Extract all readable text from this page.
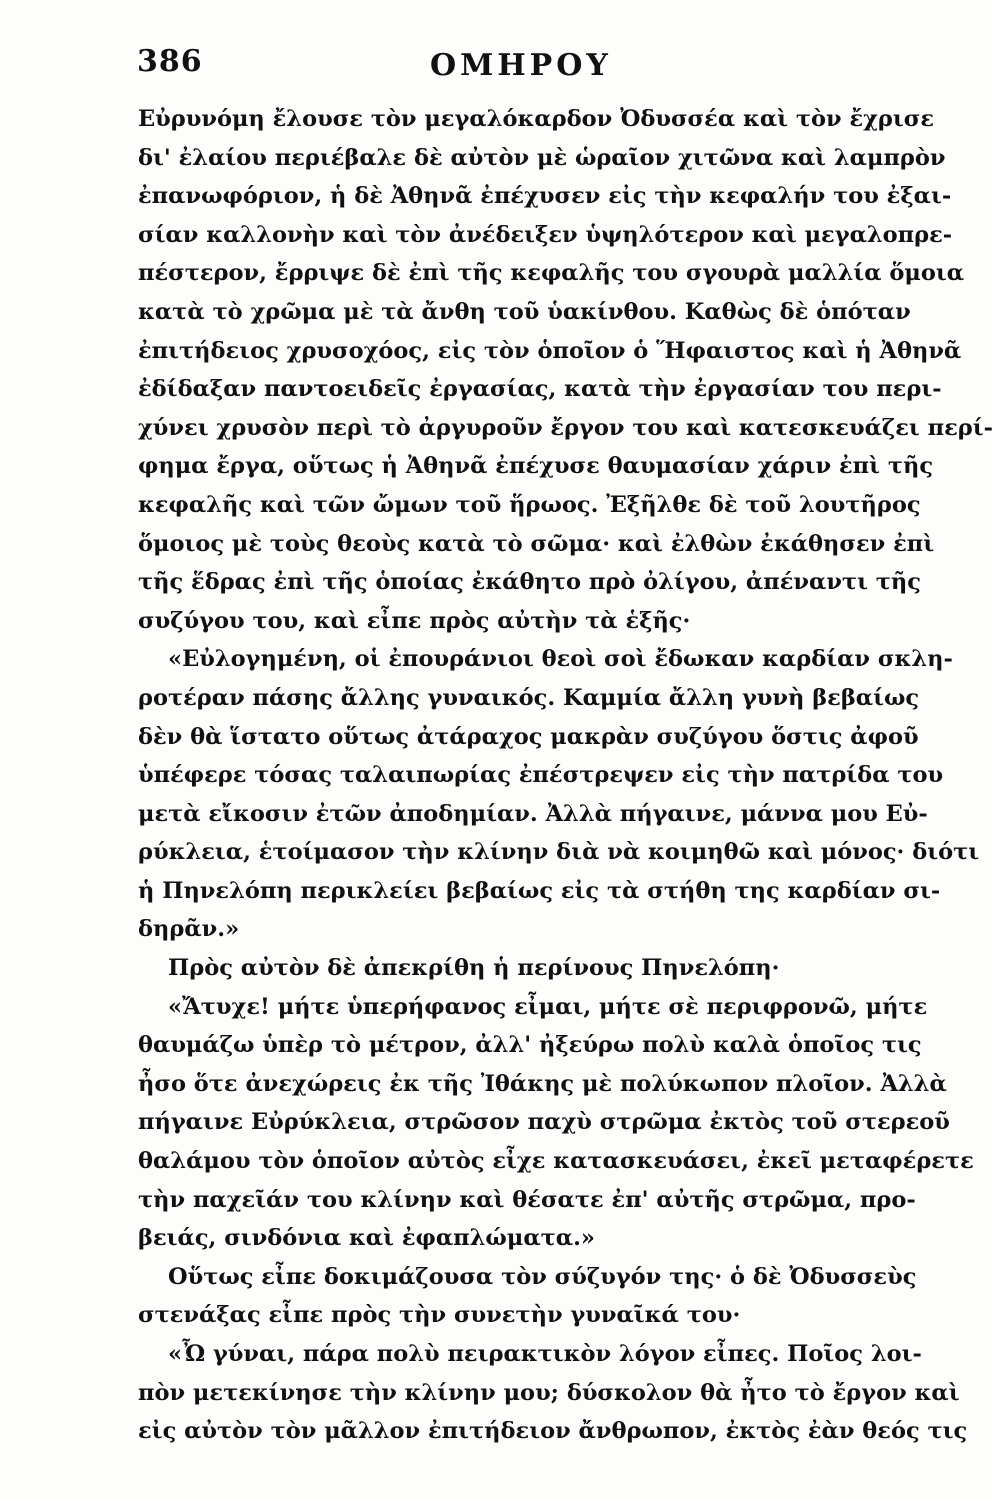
386	ΟΜΗΡΟΥ
Εὐρυνόμη ἔλουσε τὸν μεγαλόκαρδον Ὀδυσσέα καὶ τὸν ἔχρισε
δι' ἐλαίου περιέβαλε δὲ αὐτὸν μὲ ὡραῖον χιτῶνα καὶ λαμπρὸν
ἐπανωφόριον, ἡ δὲ Ἀθηνᾶ ἐπέχυσεν εἰς τὴν κεφαλήν του ἐξαι-
σίαν καλλονὴν καὶ τὸν ἀνέδειξεν ὑψηλότερον καὶ μεγαλοπρε-
πέστερον, ἔρριψε δὲ ἐπὶ τῆς κεφαλῆς του σγουρὰ μαλλία ὅμοια
κατὰ τὸ χρῶμα μὲ τὰ ἄνθη τοῦ ὑακίνθου. Καθὼς δὲ ὁπόταν
ἐπιτήδειος χρυσοχόος, εἰς τὸν ὁποῖον ὁ Ἥφαιστος καὶ ἡ Ἀθηνᾶ
ἐδίδαξαν παντοειδεῖς ἐργασίας, κατὰ τὴν ἐργασίαν του περι-
χύνει χρυσὸν περὶ τὸ ἀργυροῦν ἔργον του καὶ κατεσκευάζει περί-
φημα ἔργα, οὕτως ἡ Ἀθηνᾶ ἐπέχυσε θαυμασίαν χάριν ἐπὶ τῆς
κεφαλῆς καὶ τῶν ὤμων τοῦ ἥρωος. Ἐξῆλθε δὲ τοῦ λουτῆρος
ὅμοιος μὲ τοὺς θεοὺς κατὰ τὸ σῶμα· καὶ ἐλθὼν ἐκάθησεν ἐπὶ
τῆς ἕδρας ἐπὶ τῆς ὁποίας ἐκάθητο πρὸ ὀλίγου, ἀπέναντι τῆς
συζύγου του, καὶ εἶπε πρὸς αὐτὴν τὰ ἑξῆς·
«Εὐλογημένη, οἱ ἐπουράνιοι θεοὶ σοὶ ἔδωκαν καρδίαν σκλη-
ροτέραν πάσης ἄλλης γυναικός. Καμμία ἄλλη γυνὴ βεβαίως
δὲν θὰ ἵστατο οὕτως ἀτάραχος μακρὰν συζύγου ὅστις ἀφοῦ
ὑπέφερε τόσας ταλαιπωρίας ἐπέστρεψεν εἰς τὴν πατρίδα του
μετὰ εἴκοσιν ἐτῶν ἀποδημίαν. Ἀλλὰ πήγαινε, μάννα μου Εὐ-
ρύκλεια, ἑτοίμασον τὴν κλίνην διὰ νὰ κοιμηθῶ καὶ μόνος· διότι
ἡ Πηνελόπη περικλείει βεβαίως εἰς τὰ στήθη της καρδίαν σι-
δηρᾶν.»
Πρὸς αὐτὸν δὲ ἀπεκρίθη ἡ περίνους Πηνελόπη·
«Ἄτυχε! μήτε ὑπερήφανος εἶμαι, μήτε σὲ περιφρονῶ, μήτε
θαυμάζω ὑπὲρ τὸ μέτρον, ἀλλ' ἠξεύρω πολὺ καλὰ ὁποῖος τις
ἦσο ὅτε ἀνεχώρεις ἐκ τῆς Ἰθάκης μὲ πολύκωπον πλοῖον. Ἀλλὰ
πήγαινε Εὐρύκλεια, στρῶσον παχὺ στρῶμα ἐκτὸς τοῦ στερεοῦ
θαλάμου τὸν ὁποῖον αὐτὸς εἶχε κατασκευάσει, ἐκεῖ μεταφέρετε
τὴν παχεῖάν του κλίνην καὶ θέσατε ἐπ' αὐτῆς στρῶμα, προ-
βειάς, σινδόνια καὶ ἐφαπλώματα.»
Οὕτως εἶπε δοκιμάζουσα τὸν σύζυγόν της· ὁ δὲ Ὀδυσσεὺς
στενάξας εἶπε πρὸς τὴν συνετὴν γυναῖκά του·
«Ὦ γύναι, πάρα πολὺ πειρακτικὸν λόγον εἶπες. Ποῖος λοι-
πὸν μετεκίνησε τὴν κλίνην μου; δύσκολον θὰ ἦτο τὸ ἔργον καὶ
εἰς αὐτὸν τὸν μᾶλλον ἐπιτήδειον ἄνθρωπον, ἐκτὸς ἐὰν θεός τις
